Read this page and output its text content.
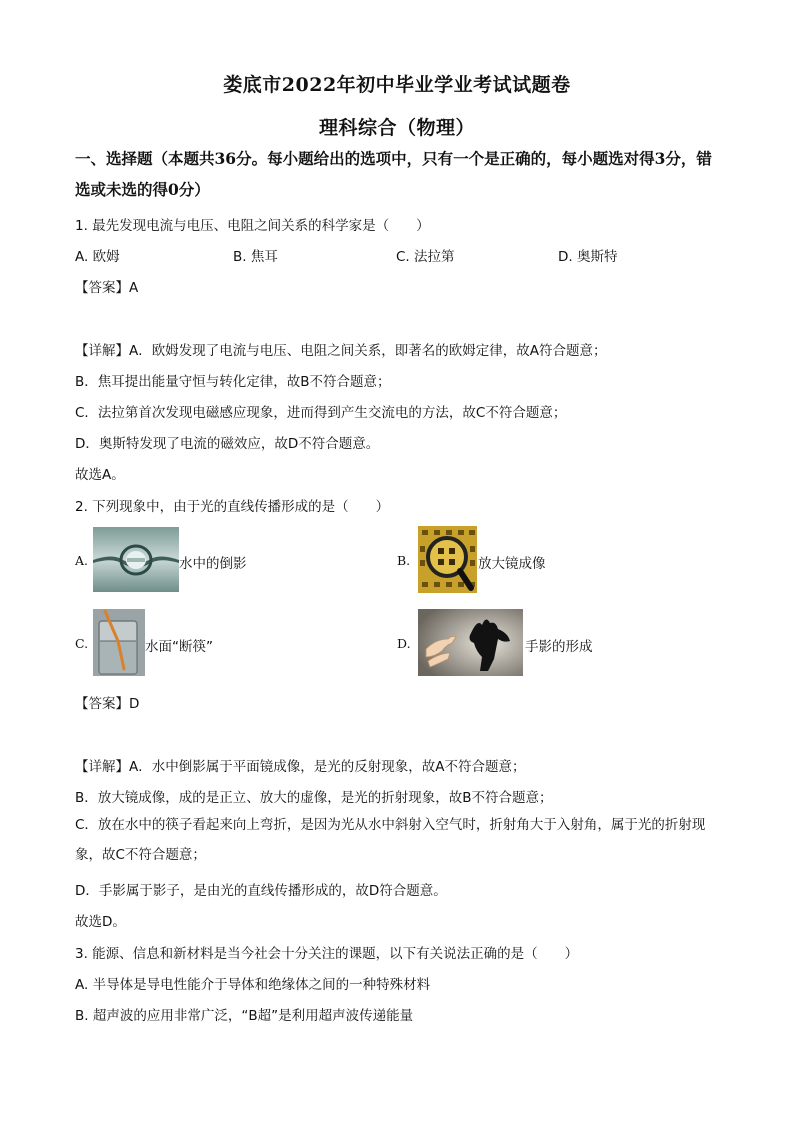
娄底市2022年初中毕业学业考试试题卷
理科综合（物理）
一、选择题（本题共36分。每小题给出的选项中，只有一个是正确的，每小题选对得3分，错选或未选的得0分）
1. 最先发现电流与电压、电阻之间关系的科学家是（　　）
A. 欧姆	B. 焦耳	C. 法拉第	D. 奥斯特
【答案】A
【详解】A．欧姆发现了电流与电压、电阻之间关系，即著名的欧姆定律，故A符合题意；
B．焦耳提出能量守恒与转化定律，故B不符合题意；
C．法拉第首次发现电磁感应现象，进而得到产生交流电的方法，故C不符合题意；
D．奥斯特发现了电流的磁效应，故D不符合题意。
故选A。
2. 下列现象中，由于光的直线传播形成的是（　　）
A.	水中的倒影	B.	放大镜成像
C.	水面“断筷”	D.	手影的形成
【答案】D
【详解】A．水中倒影属于平面镜成像，是光的反射现象，故A不符合题意；
B．放大镜成像，成的是正立、放大的虚像，是光的折射现象，故B不符合题意；
C．放在水中的筷子看起来向上弯折，是因为光从水中斜射入空气时，折射角大于入射角，属于光的折射现象，故C不符合题意；
D．手影属于影子，是由光的直线传播形成的，故D符合题意。
故选D。
3. 能源、信息和新材料是当今社会十分关注的课题，以下有关说法正确的是（　　）
A. 半导体是导电性能介于导体和绝缘体之间的一种特殊材料
B. 超声波的应用非常广泛，“B超”是利用超声波传递能量
